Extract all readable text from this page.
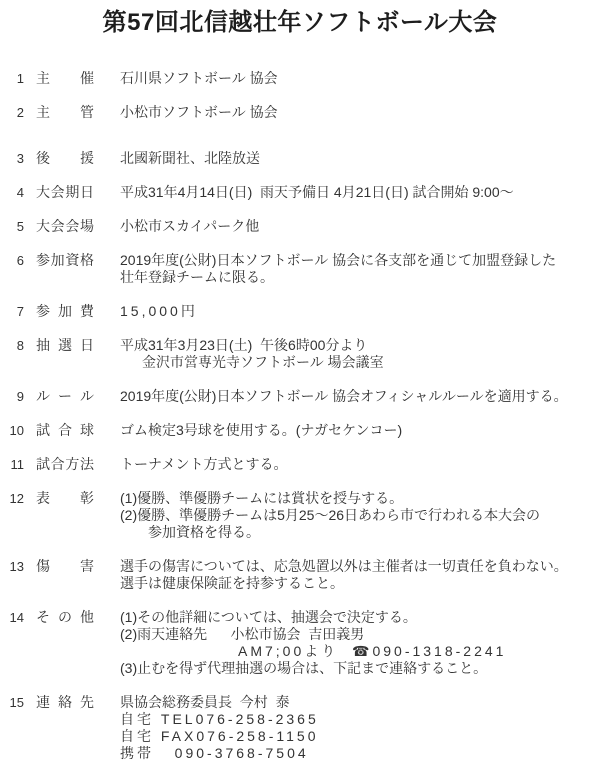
第57回北信越壮年ソフトボール大会
1 主 催 石川県ソフトボール 協会
2 主 管 小松市ソフトボール 協会
3 後 援 北國新聞社、北陸放送
4 大 会 期 日 平成31年4月14日(日)  雨天予備日 4月21日(日) 試合開始 9:00～
5 大 会 会 場 小松市スカイパーク他
6 参 加 資 格 2019年度(公財)日本ソフトボール 協会に各支部を通じて加盟登録した
壮年登録チームに限る。
7 参 加 費 15,000円
8 抽 選 日 平成31年3月23日(土)  午後6時00分より
金沢市営専光寺ソフトボール 場会議室
9 ル ー ル 2019年度(公財)日本ソフトボール 協会オフィシャルルールを適用する。
10 試 合 球 ゴム検定3号球を使用する。(ナガセケンコー)
11 試 合 方 法 トーナメント方式とする。
12 表 彰 (1)優勝、準優勝チームには賞状を授与する。
(2)優勝、準優勝チームは5月25～26日あわら市で行われる本大会の
参加資格を得る。
13 傷 害 選手の傷害については、応急処置以外は主催者は一切責任を負わない。
選手は健康保険証を持参すること。
14 そ の 他 (1)その他詳細については、抽選会で決定する。
(2)雨天連絡先      小松市協会  吉田義男
AM7;00より  ☎090-1318-2241
(3)止むを得ず代理抽選の場合は、下記まで連絡すること。
15 連 絡 先 県協会総務委員長  今村  泰
自宅 TEL076-258-2365
自宅 FAX076-258-1150
携帯   090-3768-7504
